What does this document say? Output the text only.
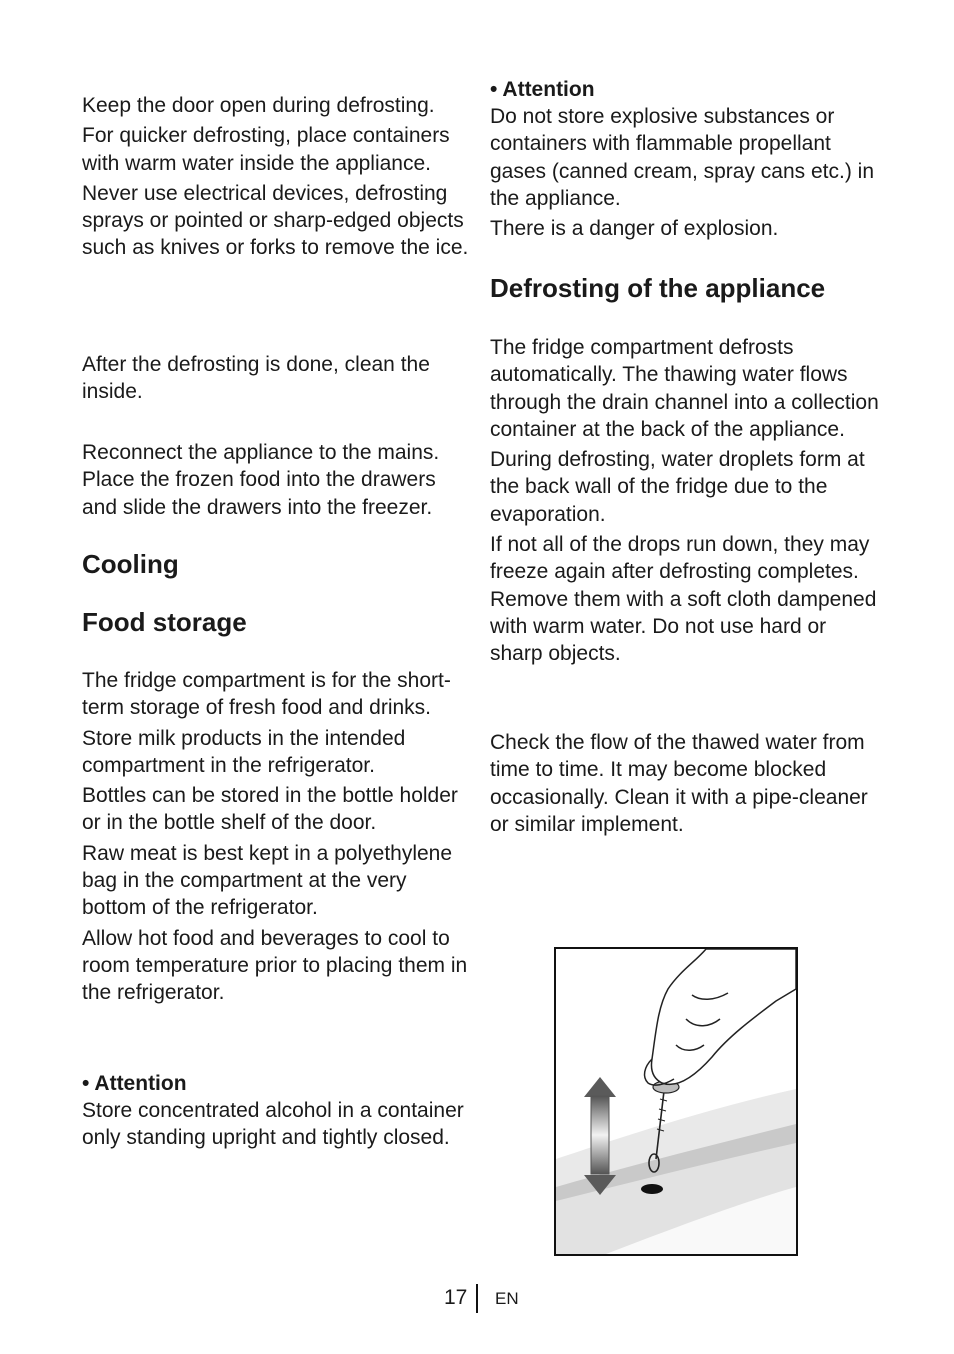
Keep the door open during defrosting.

For quicker defrosting, place containers with warm water inside the appliance.

Never use electrical devices, defrosting sprays or pointed or sharp-edged objects such as knives or forks to remove the ice.

After the defrosting is done, clean the inside.

Reconnect the appliance to the mains. Place the frozen food into the drawers and slide the drawers into the freezer.

Cooling
Food storage

The fridge compartment is for the short-term storage of fresh food and drinks.

Store milk products in the intended compartment in the refrigerator.

Bottles can be stored in the bottle holder or in the bottle shelf of the door.

Raw meat is best kept in a polyethylene bag in the compartment at the very bottom of the refrigerator.

Allow hot food and beverages to cool to room temperature prior to placing them in the refrigerator.

• Attention

Store concentrated alcohol in a container only standing upright and tightly closed.

• Attention

Do not store explosive substances or containers with flammable propellant gases (canned cream, spray cans etc.) in the appliance.

There is a danger of explosion.

Defrosting of the appliance

The fridge compartment defrosts automatically. The thawing water flows through the drain channel into a collection container at the back of the appliance.

During defrosting, water droplets form at the back wall of the fridge due to the evaporation.

If not all of the drops run down, they may freeze again after defrosting completes. Remove them with a soft cloth dampened with warm water. Do not use hard or sharp objects.

Check the flow of the thawed water from time to time. It may become blocked occasionally. Clean it with a pipe-cleaner or similar implement.

17 EN
